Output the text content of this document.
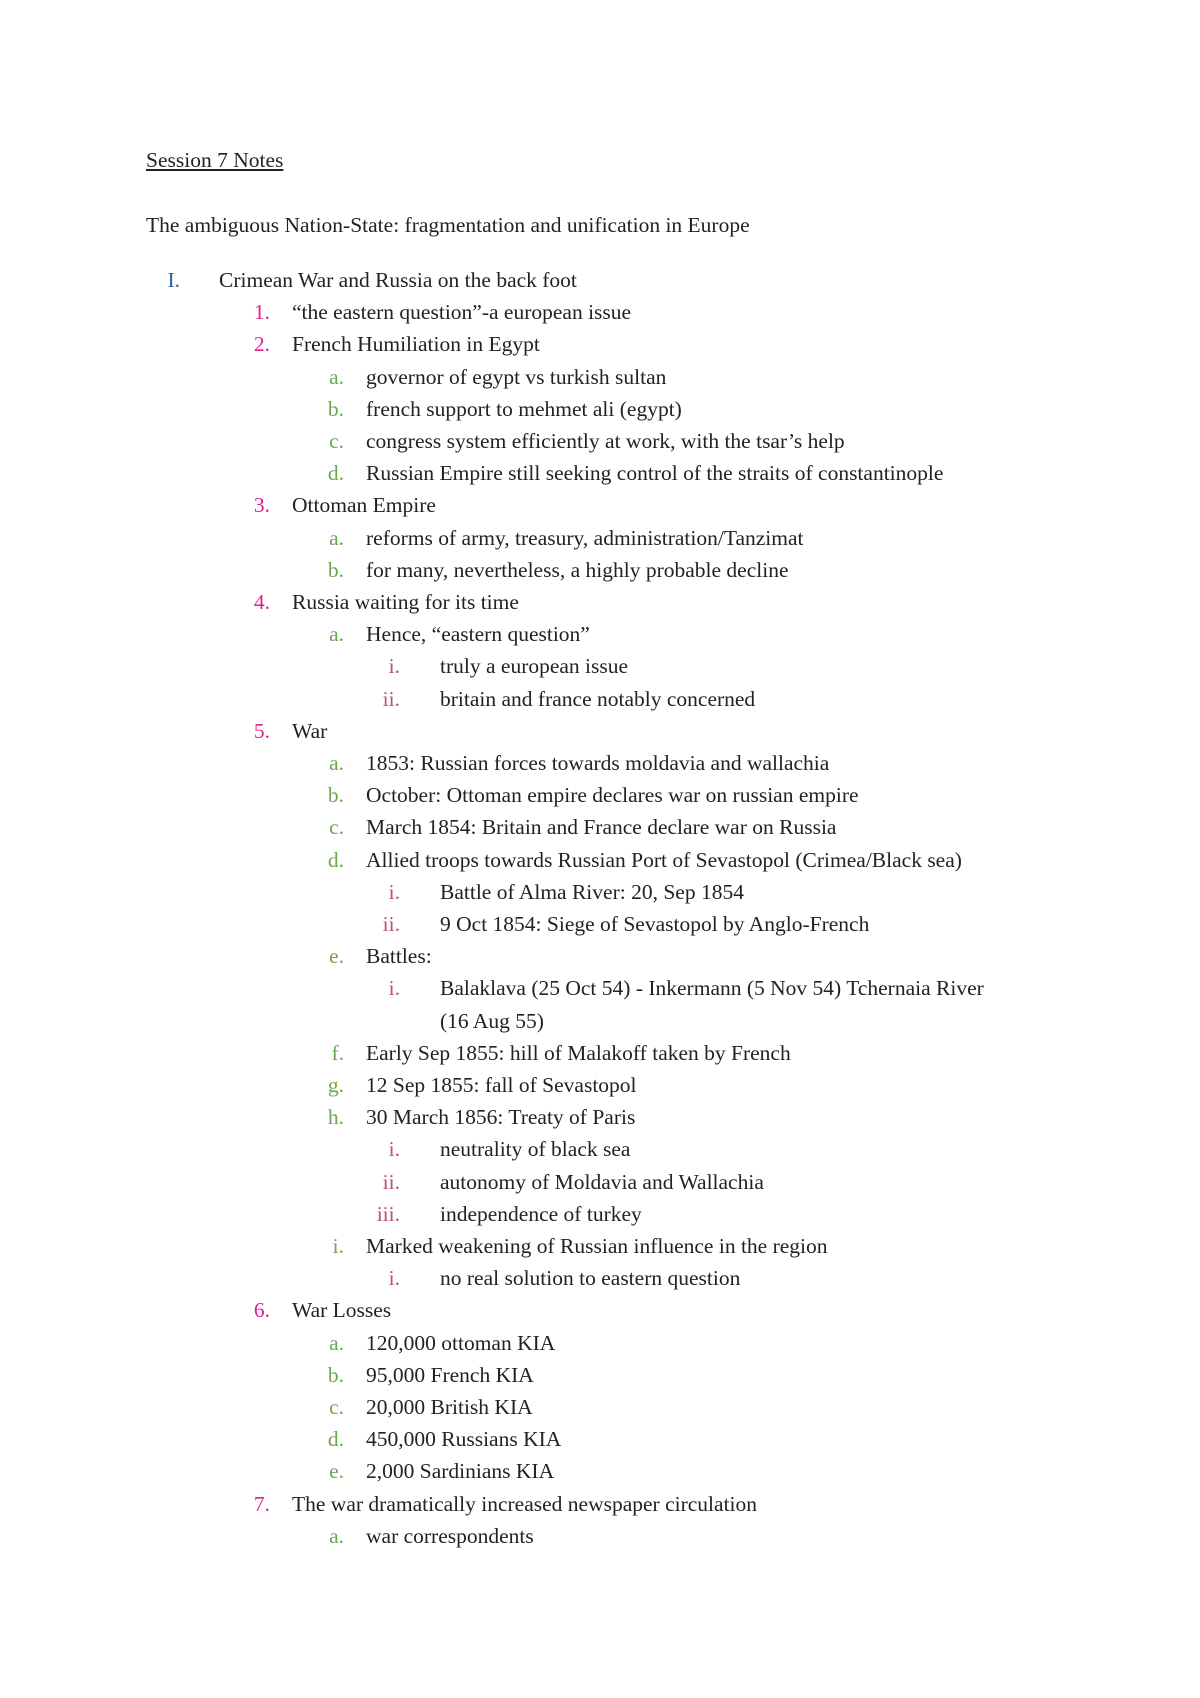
Session 7 Notes
The ambiguous Nation-State: fragmentation and unification in Europe
I. Crimean War and Russia on the back foot
1. “the eastern question”-a european issue
2. French Humiliation in Egypt
a. governor of egypt vs turkish sultan
b. french support to mehmet ali (egypt)
c. congress system efficiently at work, with the tsar’s help
d. Russian Empire still seeking control of the straits of constantinople
3. Ottoman Empire
a. reforms of army, treasury, administration/Tanzimat
b. for many, nevertheless, a highly probable decline
4. Russia waiting for its time
a. Hence, “eastern question”
i. truly a european issue
ii. britain and france notably concerned
5. War
a. 1853: Russian forces towards moldavia and wallachia
b. October: Ottoman empire declares war on russian empire
c. March 1854: Britain and France declare war on Russia
d. Allied troops towards Russian Port of Sevastopol (Crimea/Black sea)
i. Battle of Alma River: 20, Sep 1854
ii. 9 Oct 1854: Siege of Sevastopol by Anglo-French
e. Battles:
i. Balaklava (25 Oct 54) - Inkermann (5 Nov 54) Tchernaia River
(16 Aug 55)
f. Early Sep 1855: hill of Malakoff taken by French
g. 12 Sep 1855: fall of Sevastopol
h. 30 March 1856: Treaty of Paris
i. neutrality of black sea
ii. autonomy of Moldavia and Wallachia
iii. independence of turkey
i. Marked weakening of Russian influence in the region
i. no real solution to eastern question
6. War Losses
a. 120,000 ottoman KIA
b. 95,000 French KIA
c. 20,000 British KIA
d. 450,000 Russians KIA
e. 2,000 Sardinians KIA
7. The war dramatically increased newspaper circulation
a. war correspondents
